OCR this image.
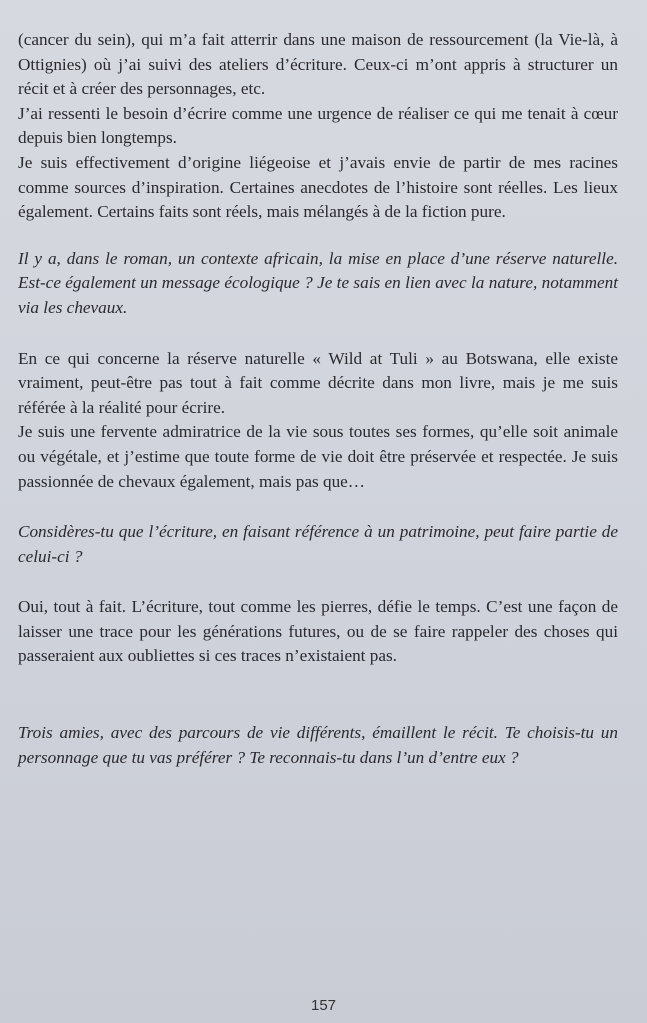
(cancer du sein), qui m’a fait atterrir dans une maison de ressourcement (la Vie-là, à Ottignies) où j’ai suivi des ateliers d’écriture. Ceux-ci m’ont appris à structurer un récit et à créer des personnages, etc.

J’ai ressenti le besoin d’écrire comme une urgence de réaliser ce qui me tenait à cœur depuis bien longtemps.

Je suis effectivement d’origine liégeoise et j’avais envie de partir de mes racines comme sources d’inspiration. Certaines anecdotes de l’histoire sont réelles. Les lieux également. Certains faits sont réels, mais mélangés à de la fiction pure.

Il y a, dans le roman, un contexte africain, la mise en place d’une réserve naturelle. Est-ce également un message écologique ? Je te sais en lien avec la nature, notamment via les chevaux.

En ce qui concerne la réserve naturelle « Wild at Tuli » au Botswana, elle existe vraiment, peut-être pas tout à fait comme décrite dans mon livre, mais je me suis référée à la réalité pour écrire.

Je suis une fervente admiratrice de la vie sous toutes ses formes, qu’elle soit animale ou végétale, et j’estime que toute forme de vie doit être préservée et respectée. Je suis passionnée de chevaux également, mais pas que…

Considères-tu que l’écriture, en faisant référence à un patrimoine, peut faire partie de celui-ci ?

Oui, tout à fait. L’écriture, tout comme les pierres, défie le temps. C’est une façon de laisser une trace pour les générations futures, ou de se faire rappeler des choses qui passeraient aux oubliettes si ces traces n’existaient pas.

Trois amies, avec des parcours de vie différents, émaillent le récit. Te choisis-tu un personnage que tu vas préférer ? Te reconnais-tu dans l’un d’entre eux ?

157
